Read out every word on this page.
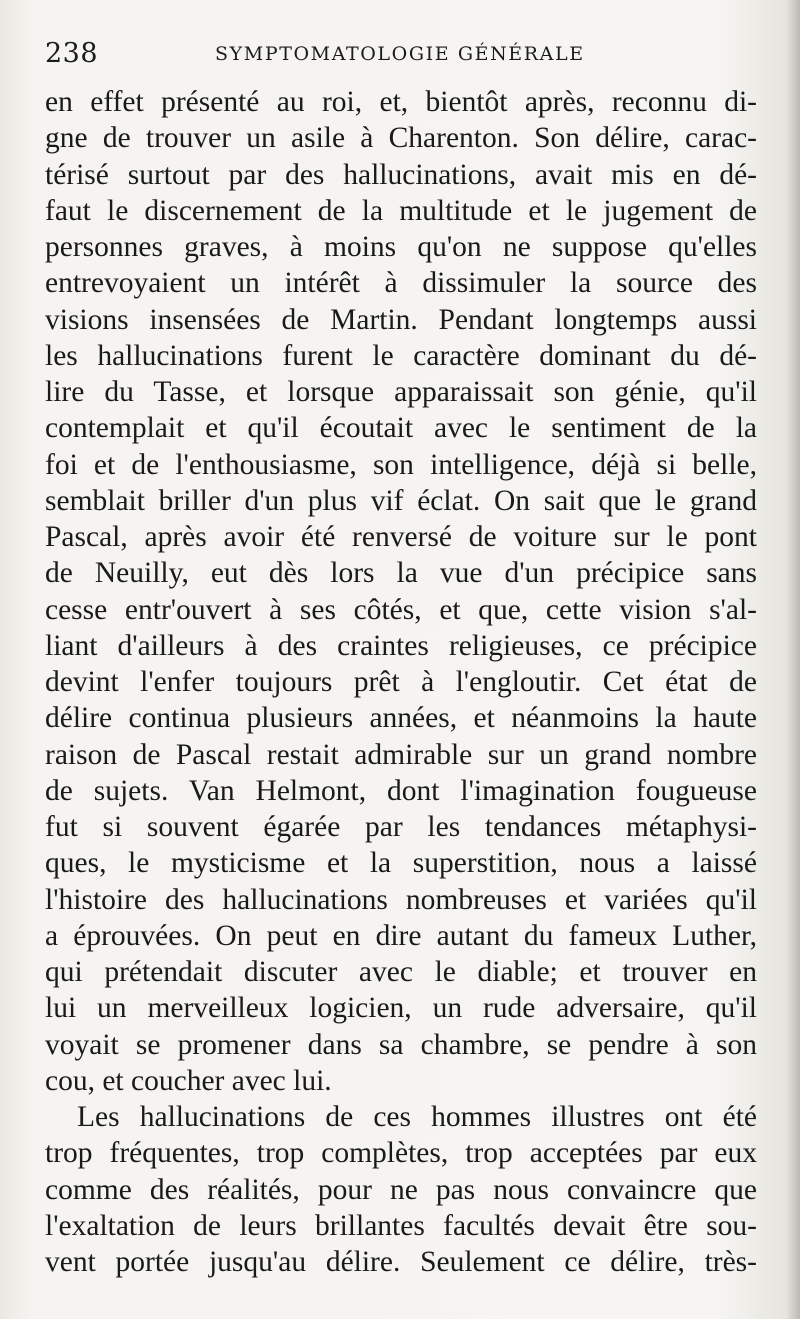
238	SYMPTOMATOLOGIE GÉNÉRALE
en effet présenté au roi, et, bientôt après, reconnu di-
gne de trouver un asile à Charenton. Son délire, carac-
térisé surtout par des hallucinations, avait mis en dé-
faut le discernement de la multitude et le jugement de
personnes graves, à moins qu'on ne suppose qu'elles
entrevoyaient un intérêt à dissimuler la source des
visions insensées de Martin. Pendant longtemps aussi
les hallucinations furent le caractère dominant du dé-
lire du Tasse, et lorsque apparaissait son génie, qu'il
contemplait et qu'il écoutait avec le sentiment de la
foi et de l'enthousiasme, son intelligence, déjà si belle,
semblait briller d'un plus vif éclat. On sait que le grand
Pascal, après avoir été renversé de voiture sur le pont
de Neuilly, eut dès lors la vue d'un précipice sans
cesse entr'ouvert à ses côtés, et que, cette vision s'al-
liant d'ailleurs à des craintes religieuses, ce précipice
devint l'enfer toujours prêt à l'engloutir. Cet état de
délire continua plusieurs années, et néanmoins la haute
raison de Pascal restait admirable sur un grand nombre
de sujets. Van Helmont, dont l'imagination fougueuse
fut si souvent égarée par les tendances métaphysi-
ques, le mysticisme et la superstition, nous a laissé
l'histoire des hallucinations nombreuses et variées qu'il
a éprouvées. On peut en dire autant du fameux Luther,
qui prétendait discuter avec le diable; et trouver en
lui un merveilleux logicien, un rude adversaire, qu'il
voyait se promener dans sa chambre, se pendre à son
cou, et coucher avec lui.
Les hallucinations de ces hommes illustres ont été
trop fréquentes, trop complètes, trop acceptées par eux
comme des réalités, pour ne pas nous convaincre que
l'exaltation de leurs brillantes facultés devait être sou-
vent portée jusqu'au délire. Seulement ce délire, très-
